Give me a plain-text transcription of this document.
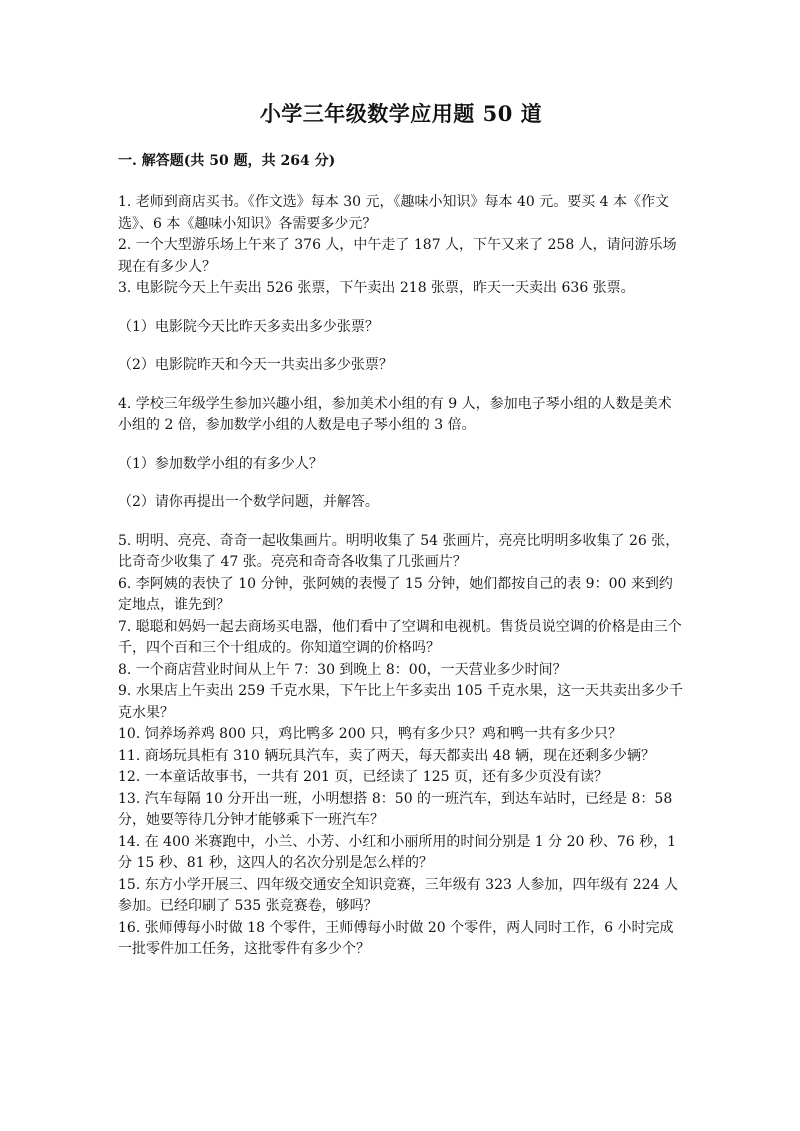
小学三年级数学应用题 50 道
一. 解答题(共 50 题，共 264 分)

1. 老师到商店买书。《作文选》每本 30 元，《趣味小知识》每本 40 元。要买 4 本《作文选》、6 本《趣味小知识》各需要多少元？

2. 一个大型游乐场上午来了 376 人，中午走了 187 人，下午又来了 258 人，请问游乐场现在有多少人？

3. 电影院今天上午卖出 526 张票，下午卖出 218 张票，昨天一天卖出 636 张票。

（1）电影院今天比昨天多卖出多少张票？

（2）电影院昨天和今天一共卖出多少张票？

4. 学校三年级学生参加兴趣小组，参加美术小组的有 9 人，参加电子琴小组的人数是美术小组的 2 倍，参加数学小组的人数是电子琴小组的 3 倍。

（1）参加数学小组的有多少人？

（2）请你再提出一个数学问题，并解答。

5. 明明、亮亮、奇奇一起收集画片。明明收集了 54 张画片，亮亮比明明多收集了 26 张，比奇奇少收集了 47 张。亮亮和奇奇各收集了几张画片？

6. 李阿姨的表快了 10 分钟，张阿姨的表慢了 15 分钟，她们都按自己的表 9：00 来到约定地点，谁先到？

7. 聪聪和妈妈一起去商场买电器，他们看中了空调和电视机。售货员说空调的价格是由三个千，四个百和三个十组成的。你知道空调的价格吗？

8. 一个商店营业时间从上午 7：30 到晚上 8：00，一天营业多少时间？

9. 水果店上午卖出 259 千克水果，下午比上午多卖出 105 千克水果，这一天共卖出多少千克水果？

10. 饲养场养鸡 800 只，鸡比鸭多 200 只，鸭有多少只？鸡和鸭一共有多少只？

11. 商场玩具柜有 310 辆玩具汽车，卖了两天，每天都卖出 48 辆，现在还剩多少辆？

12. 一本童话故事书，一共有 201 页，已经读了 125 页，还有多少页没有读？

13. 汽车每隔 10 分开出一班，小明想搭 8：50 的一班汽车，到达车站时，已经是 8：58 分，她要等待几分钟才能够乘下一班汽车？

14. 在 400 米赛跑中，小兰、小芳、小红和小丽所用的时间分别是 1 分 20 秒、76 秒，1 分 15 秒、81 秒，这四人的名次分别是怎么样的？

15. 东方小学开展三、四年级交通安全知识竞赛，三年级有 323 人参加，四年级有 224 人参加。已经印刷了 535 张竞赛卷，够吗？

16. 张师傅每小时做 18 个零件，王师傅每小时做 20 个零件，两人同时工作，6 小时完成一批零件加工任务，这批零件有多少个？
